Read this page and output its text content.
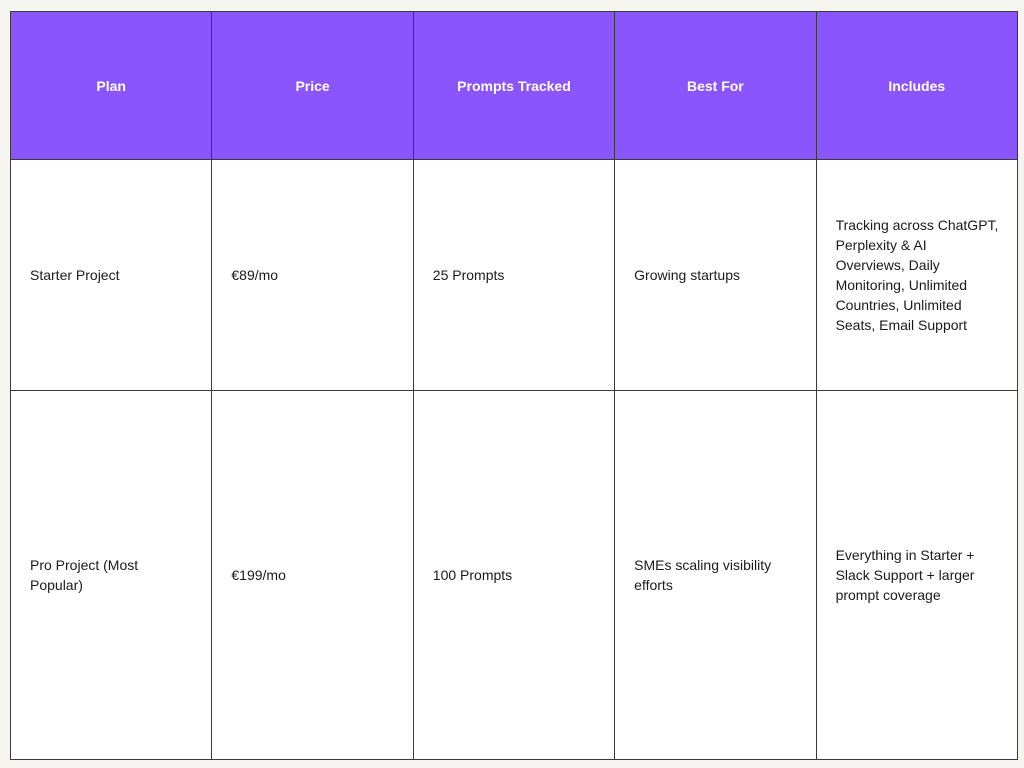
Plan	Price	Prompts Tracked	Best For	Includes
Starter Project	€89/mo	25 Prompts	Growing startups	Tracking across ChatGPT, Perplexity & AI Overviews, Daily Monitoring, Unlimited Countries, Unlimited Seats, Email Support
Pro Project (Most Popular)	€199/mo	100 Prompts	SMEs scaling visibility efforts	Everything in Starter + Slack Support + larger prompt coverage
